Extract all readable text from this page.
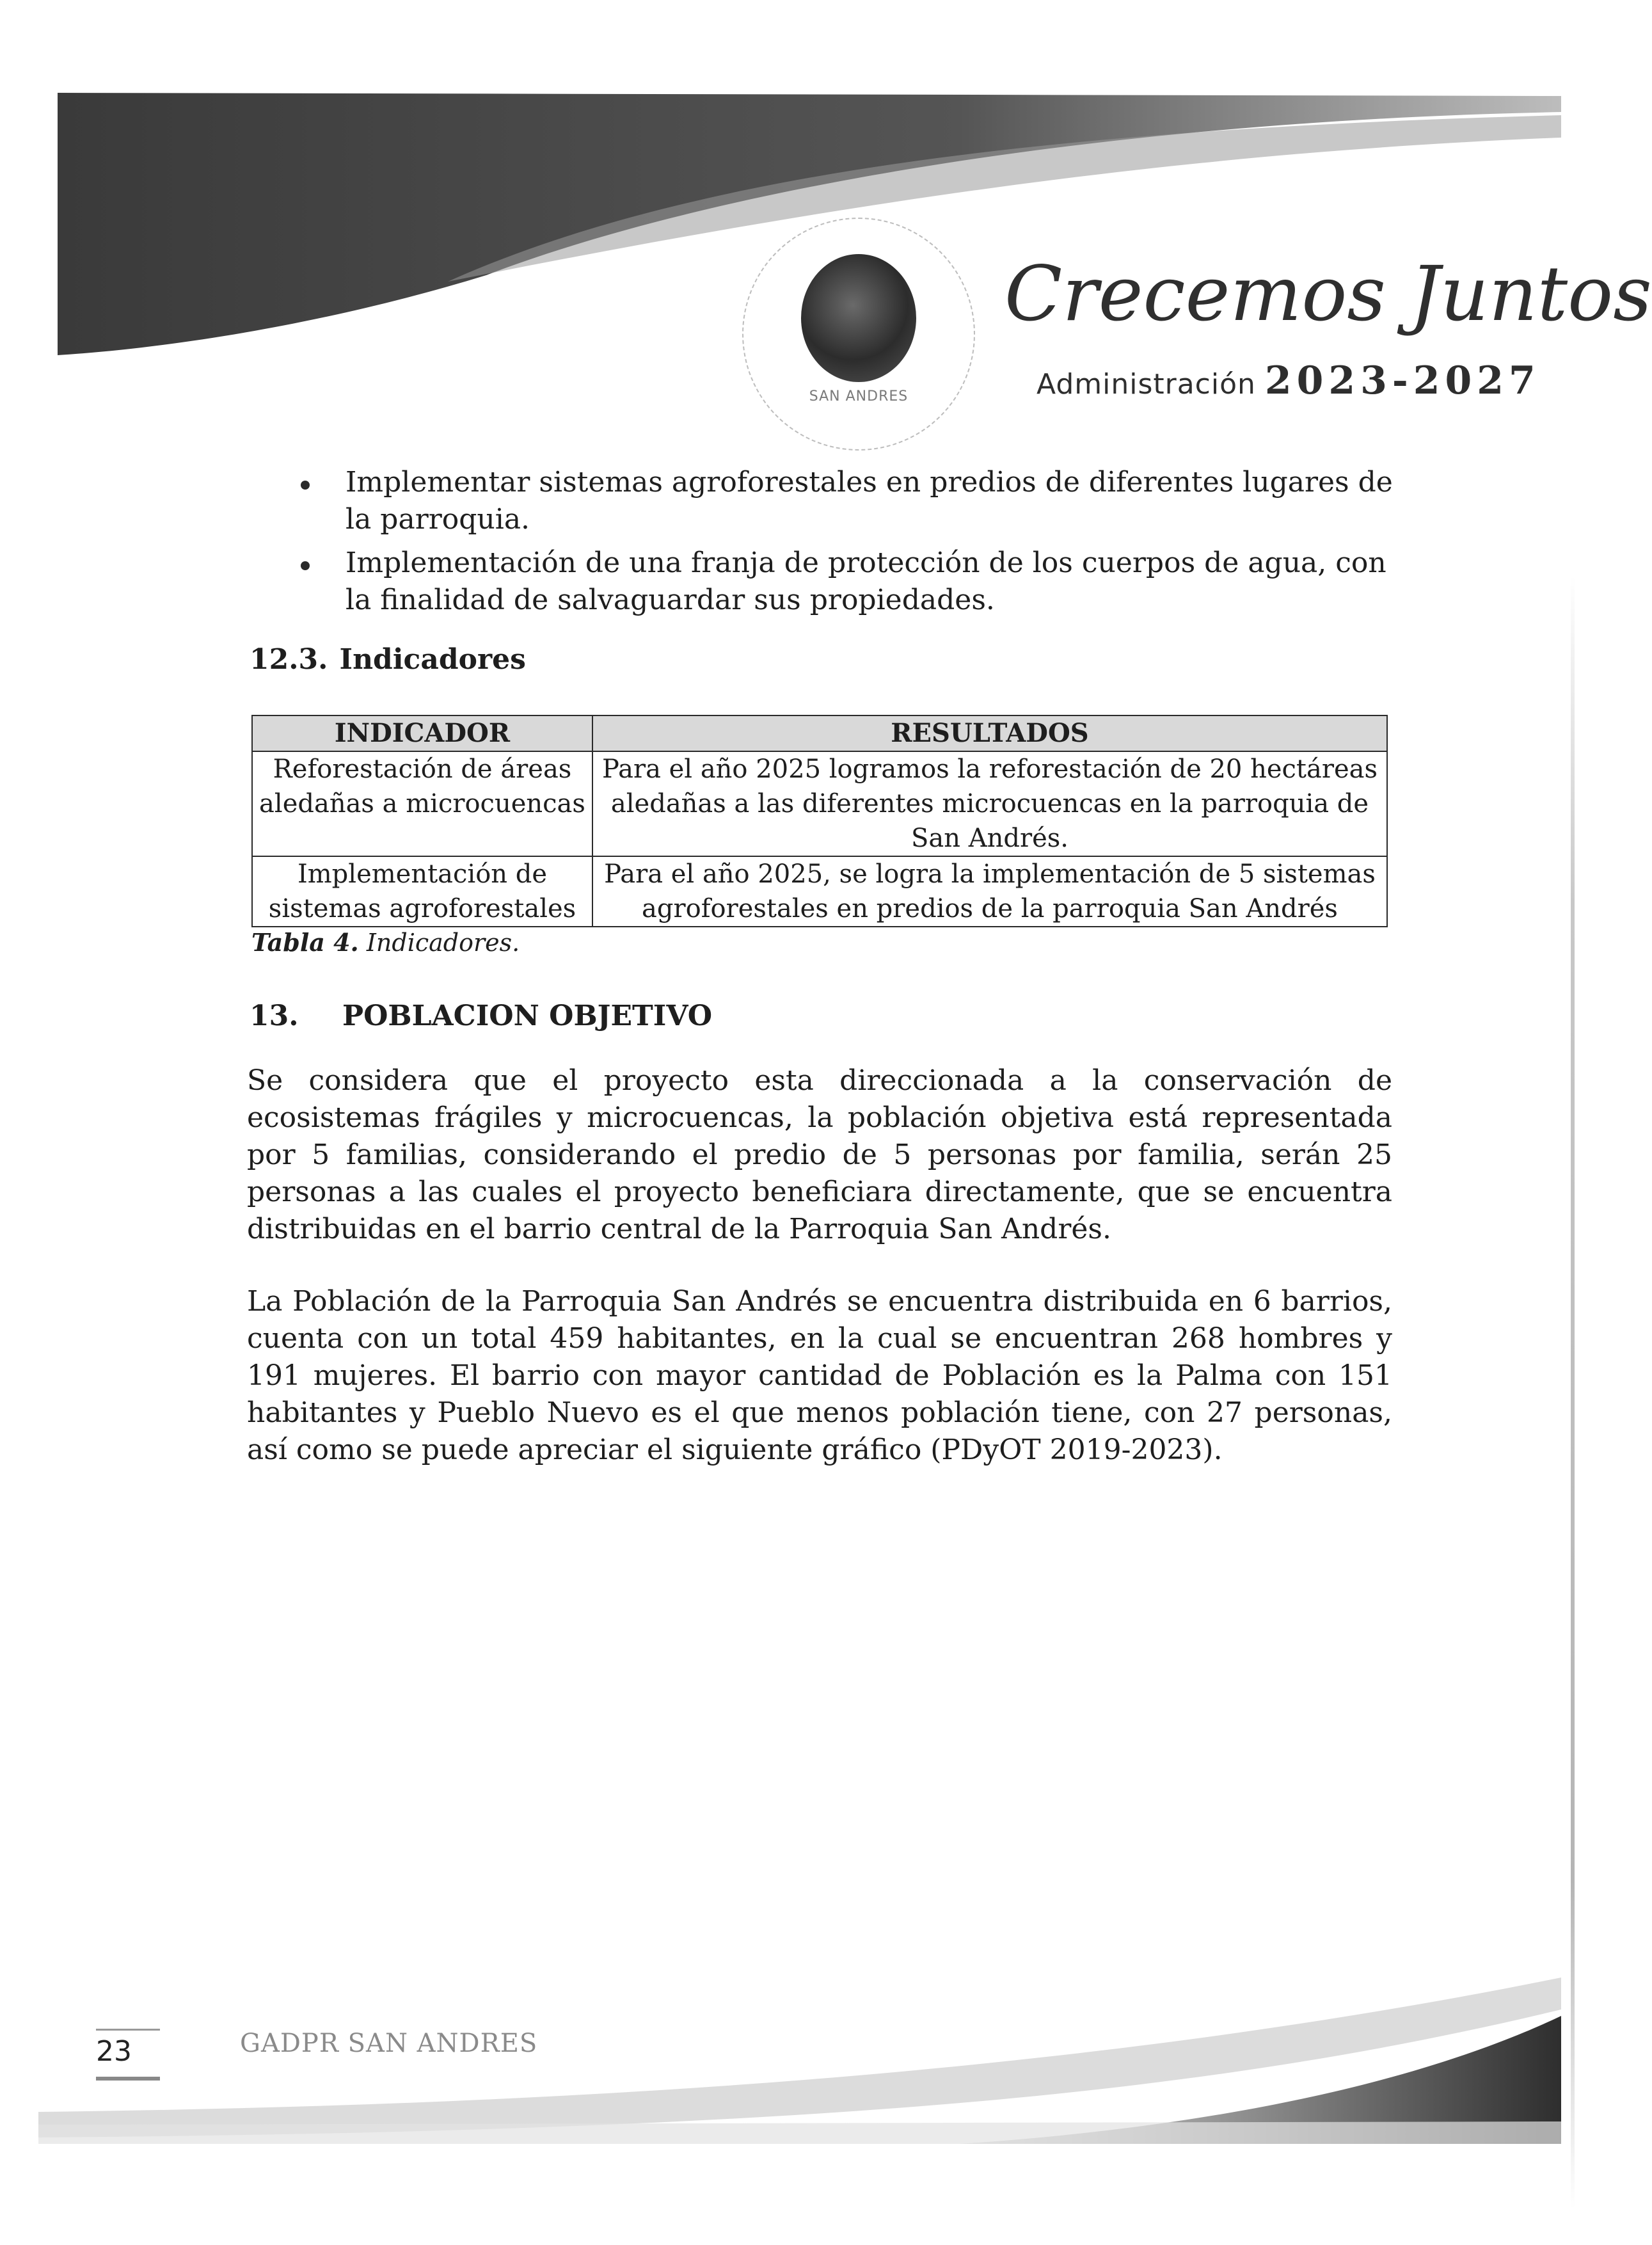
SAN ANDRES
Crecemos Juntos
Administración 2023-2027
Implementar sistemas agroforestales en predios de diferentes lugares de la parroquia.
Implementación de una franja de protección de los cuerpos de agua, con la finalidad de salvaguardar sus propiedades.
12.3. Indicadores
INDICADOR	RESULTADOS
Reforestación de áreas aledañas a microcuencas	Para el año 2025 logramos la reforestación de 20 hectáreas aledañas a las diferentes microcuencas en la parroquia de San Andrés.
Implementación de sistemas agroforestales	Para el año 2025, se logra la implementación de 5 sistemas agroforestales en predios de la parroquia San Andrés
Tabla 4. Indicadores.
13. POBLACION OBJETIVO

Se considera que el proyecto esta direccionada a la conservación de ecosistemas frágiles y microcuencas, la población objetiva está representada por 5 familias, considerando el predio de 5 personas por familia, serán 25 personas a las cuales el proyecto beneficiara directamente, que se encuentra distribuidas en el barrio central de la Parroquia San Andrés.

La Población de la Parroquia San Andrés se encuentra distribuida en 6 barrios, cuenta con un total 459 habitantes, en la cual se encuentran 268 hombres y 191 mujeres. El barrio con mayor cantidad de Población es la Palma con 151 habitantes y Pueblo Nuevo es el que menos población tiene, con 27 personas, así como se puede apreciar el siguiente gráfico (PDyOT 2019-2023).

23	GADPR SAN ANDRES
